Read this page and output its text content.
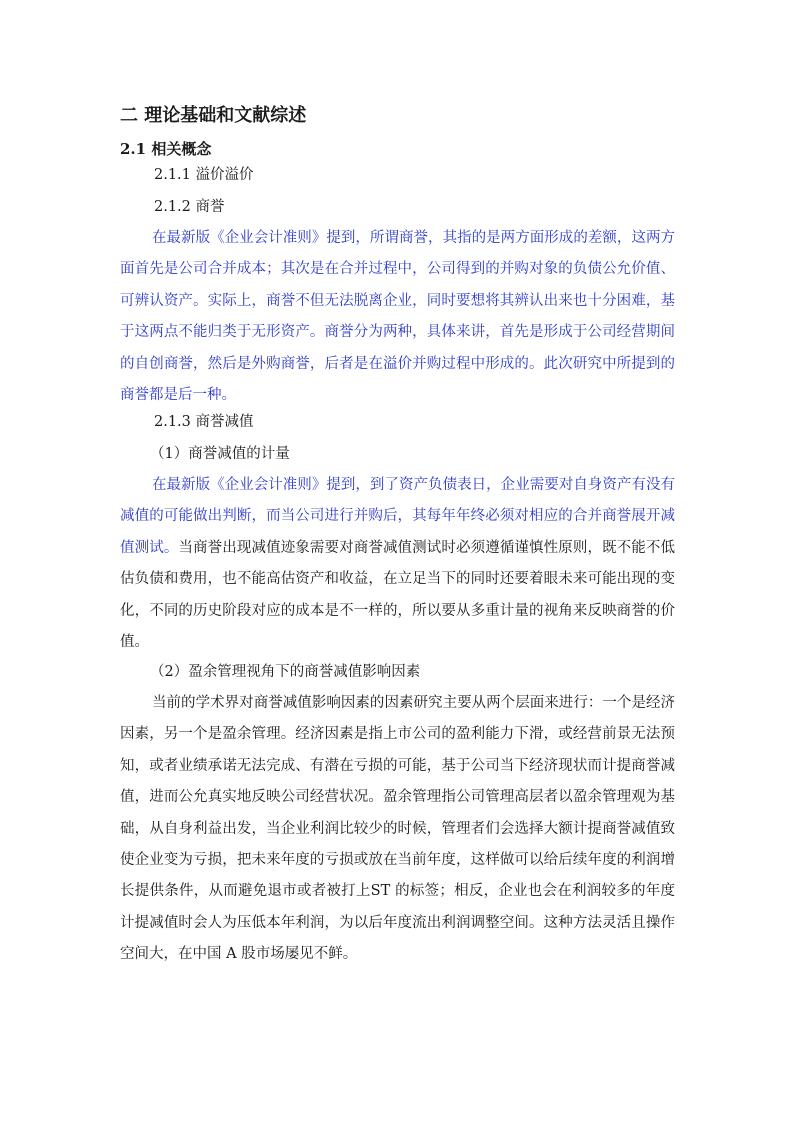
二 理论基础和文献综述
2.1 相关概念
2.1.1 溢价溢价
2.1.2 商誉

在最新版《企业会计准则》提到，所谓商誉，其指的是两方面形成的差额，这两方面首先是公司合并成本；其次是在合并过程中，公司得到的并购对象的负债公允价值、可辨认资产。实际上，商誉不但无法脱离企业，同时要想将其辨认出来也十分困难，基于这两点不能归类于无形资产。商誉分为两种，具体来讲，首先是形成于公司经营期间的自创商誉，然后是外购商誉，后者是在溢价并购过程中形成的。此次研究中所提到的商誉都是后一种。

2.1.3 商誉减值
（1）商誉减值的计量

在最新版《企业会计准则》提到，到了资产负债表日，企业需要对自身资产有没有减值的可能做出判断，而当公司进行并购后，其每年年终必须对相应的合并商誉展开减值测试。当商誉出现减值迹象需要对商誉减值测试时必须遵循谨慎性原则，既不能不低估负债和费用，也不能高估资产和收益，在立足当下的同时还要着眼未来可能出现的变化，不同的历史阶段对应的成本是不一样的，所以要从多重计量的视角来反映商誉的价值。

（2）盈余管理视角下的商誉减值影响因素

当前的学术界对商誉减值影响因素的因素研究主要从两个层面来进行：一个是经济因素，另一个是盈余管理。经济因素是指上市公司的盈利能力下滑，或经营前景无法预知，或者业绩承诺无法完成、有潜在亏损的可能，基于公司当下经济现状而计提商誉减值，进而公允真实地反映公司经营状况。盈余管理指公司管理高层者以盈余管理观为基础，从自身利益出发，当企业利润比较少的时候，管理者们会选择大额计提商誉减值致使企业变为亏损，把未来年度的亏损或放在当前年度，这样做可以给后续年度的利润增长提供条件，从而避免退市或者被打上ST 的标签；相反，企业也会在利润较多的年度计提减值时会人为压低本年利润，为以后年度流出利润调整空间。这种方法灵活且操作空间大，在中国 A 股市场屡见不鲜。
